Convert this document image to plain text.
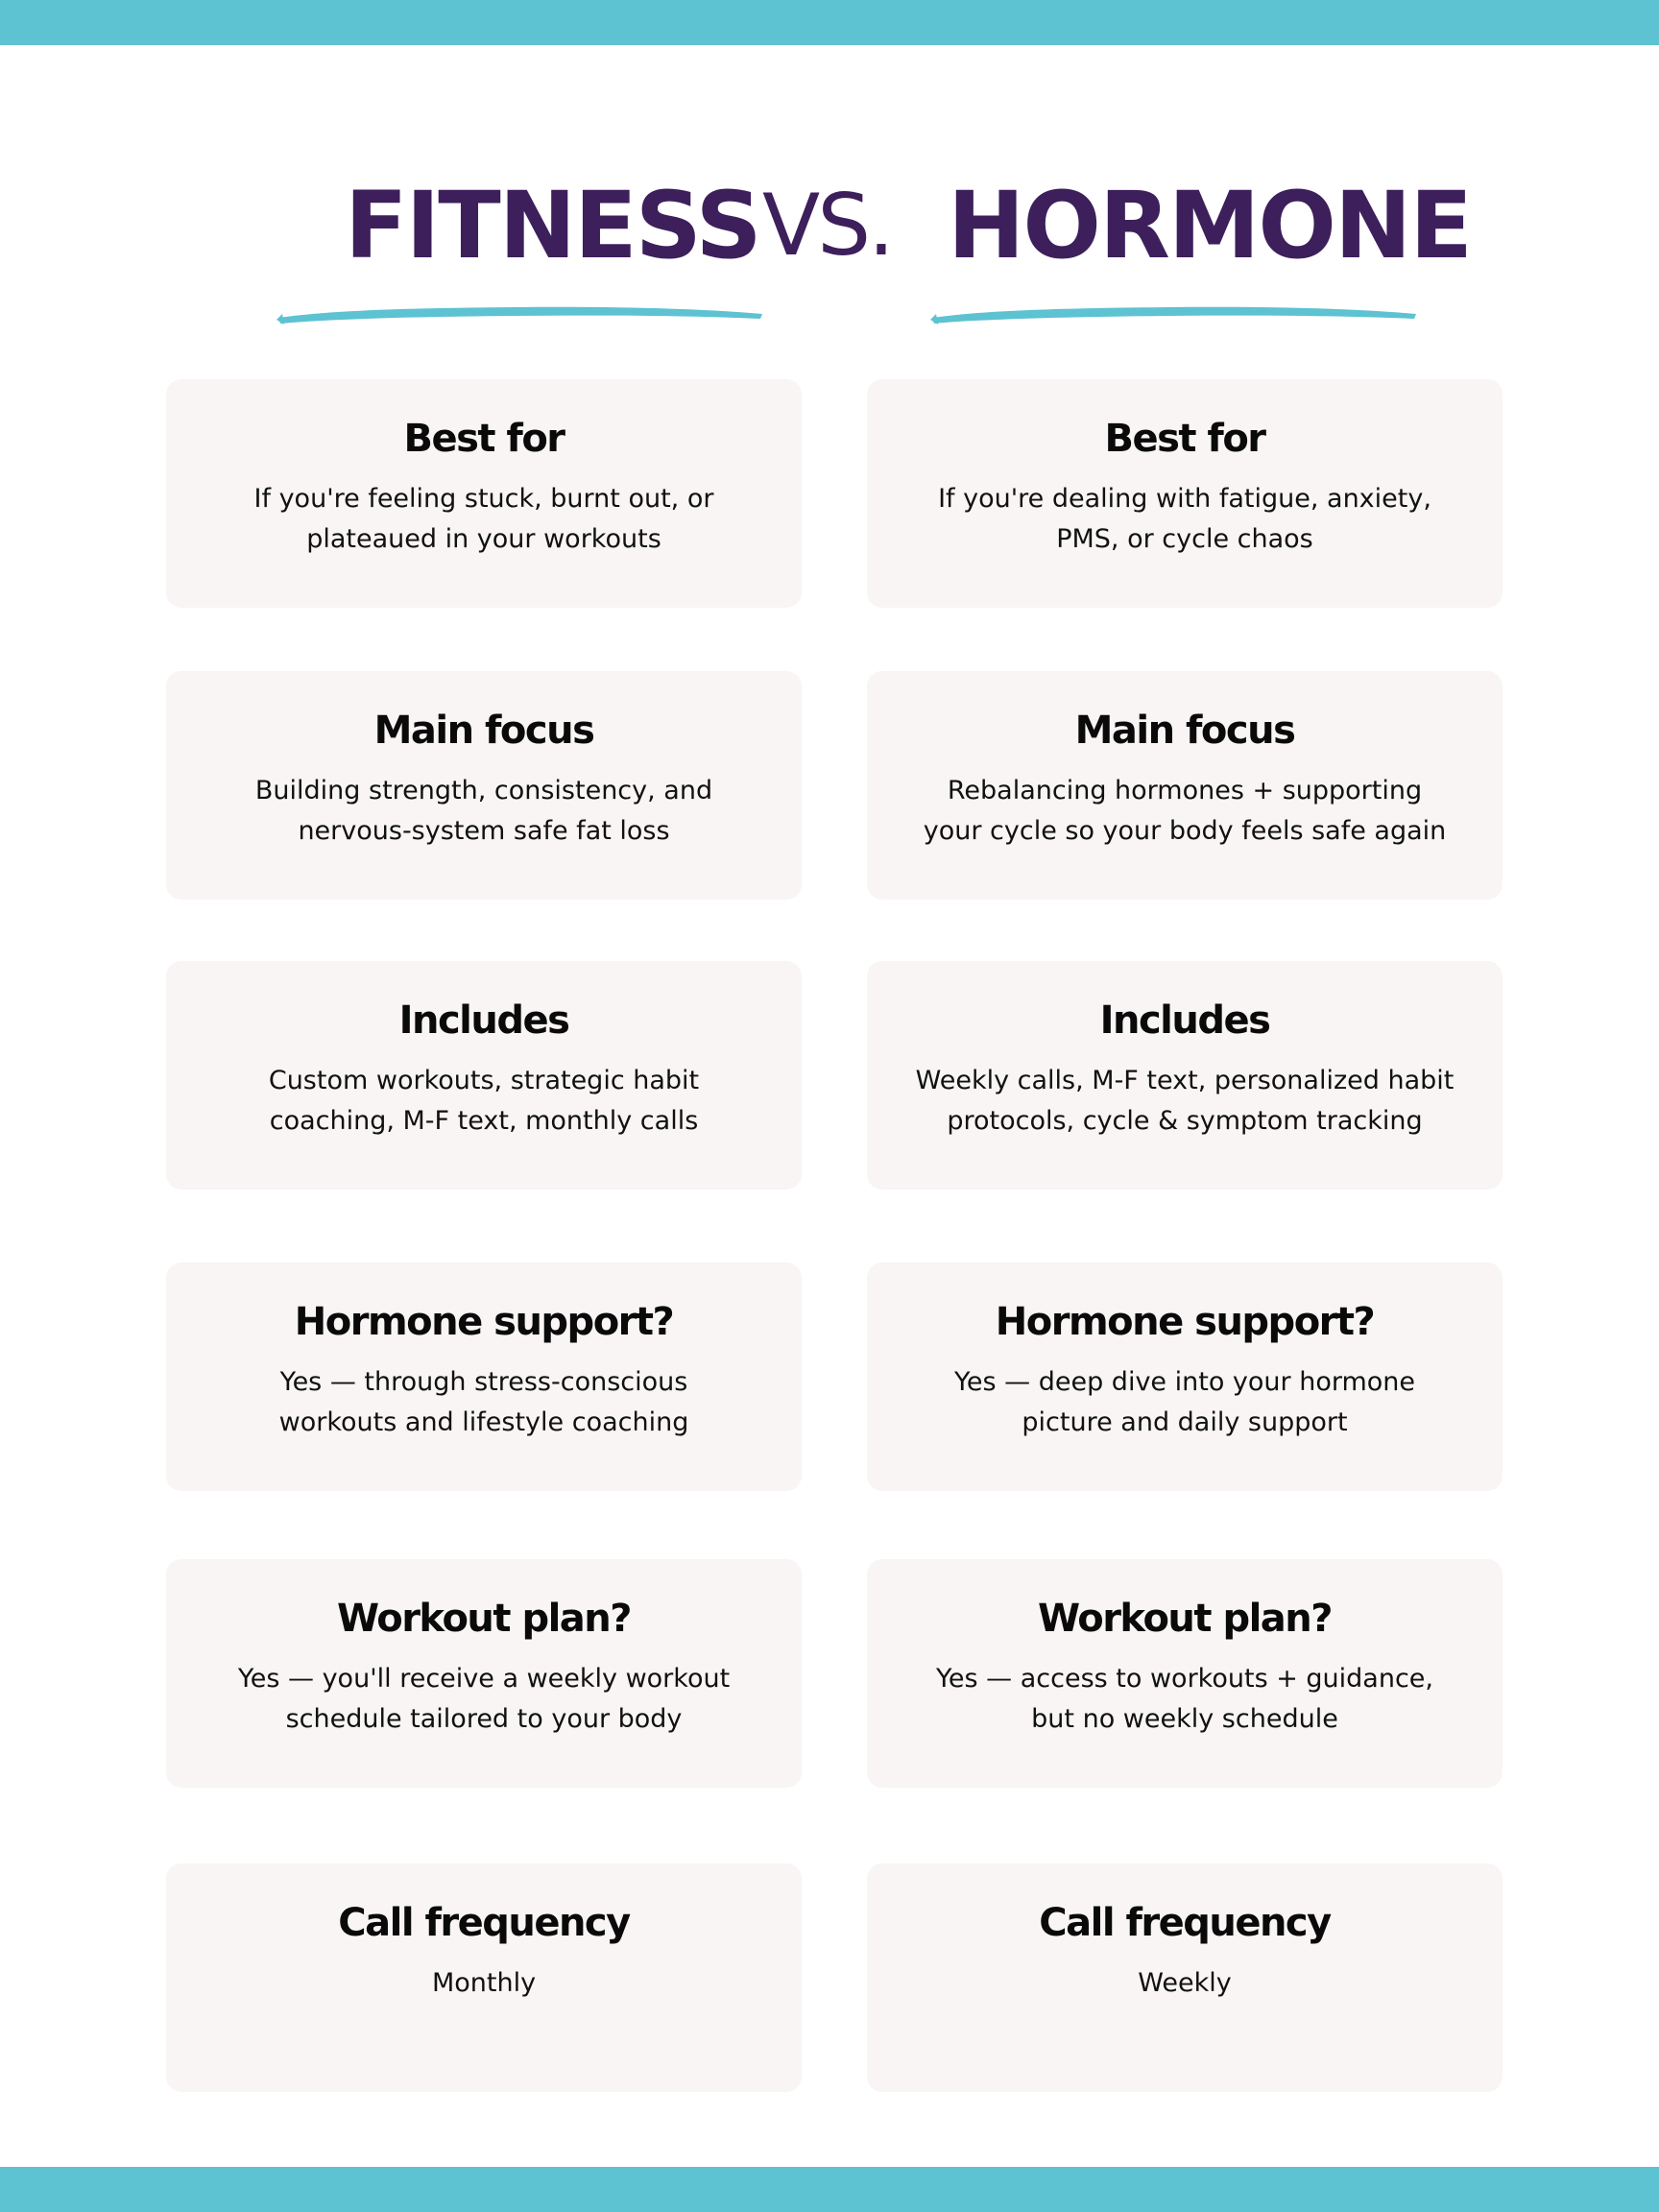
FITNESS VS. HORMONE
Best for
If you're feeling stuck, burnt out, or
plateaued in your workouts
Main focus
Building strength, consistency, and
nervous-system safe fat loss
Includes
Custom workouts, strategic habit
coaching, M-F text, monthly calls
Hormone support?
Yes — through stress-conscious
workouts and lifestyle coaching
Workout plan?
Yes — you'll receive a weekly workout
schedule tailored to your body
Call frequency
Monthly
Best for
If you're dealing with fatigue, anxiety,
PMS, or cycle chaos
Main focus
Rebalancing hormones + supporting
your cycle so your body feels safe again
Includes
Weekly calls, M-F text, personalized habit
protocols, cycle & symptom tracking
Hormone support?
Yes — deep dive into your hormone
picture and daily support
Workout plan?
Yes — access to workouts + guidance,
but no weekly schedule
Call frequency
Weekly
